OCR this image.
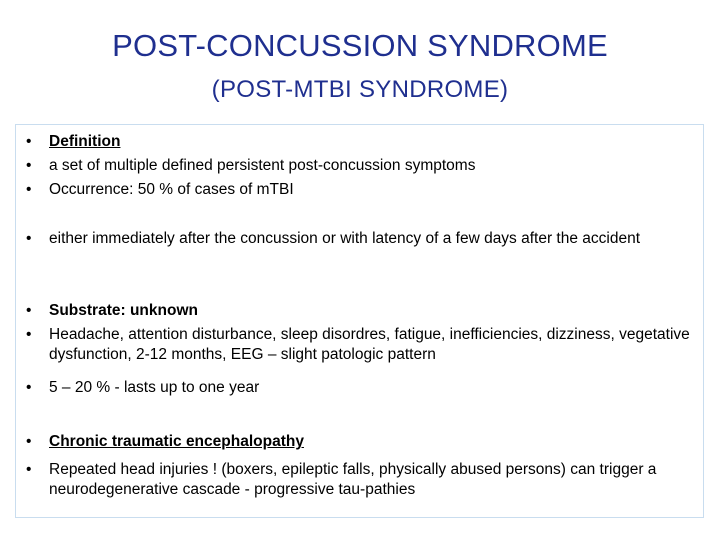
POST-CONCUSSION SYNDROME
(POST-MTBI SYNDROME)
•	Definition
•	a set of multiple defined persistent post-concussion symptoms
•	Occurrence: 50 % of cases of mTBI
•	either immediately after the concussion or with latency of a few days after the accident
•	Substrate: unknown
•	Headache, attention disturbance, sleep disordres, fatigue, inefficiencies, dizziness, vegetative dysfunction, 2-12 months, EEG – slight patologic pattern
•	5 – 20 % - lasts up to one year
•	Chronic traumatic encephalopathy
•	Repeated head injuries ! (boxers, epileptic falls, physically abused persons) can trigger a neurodegenerative cascade - progressive tau-pathies
